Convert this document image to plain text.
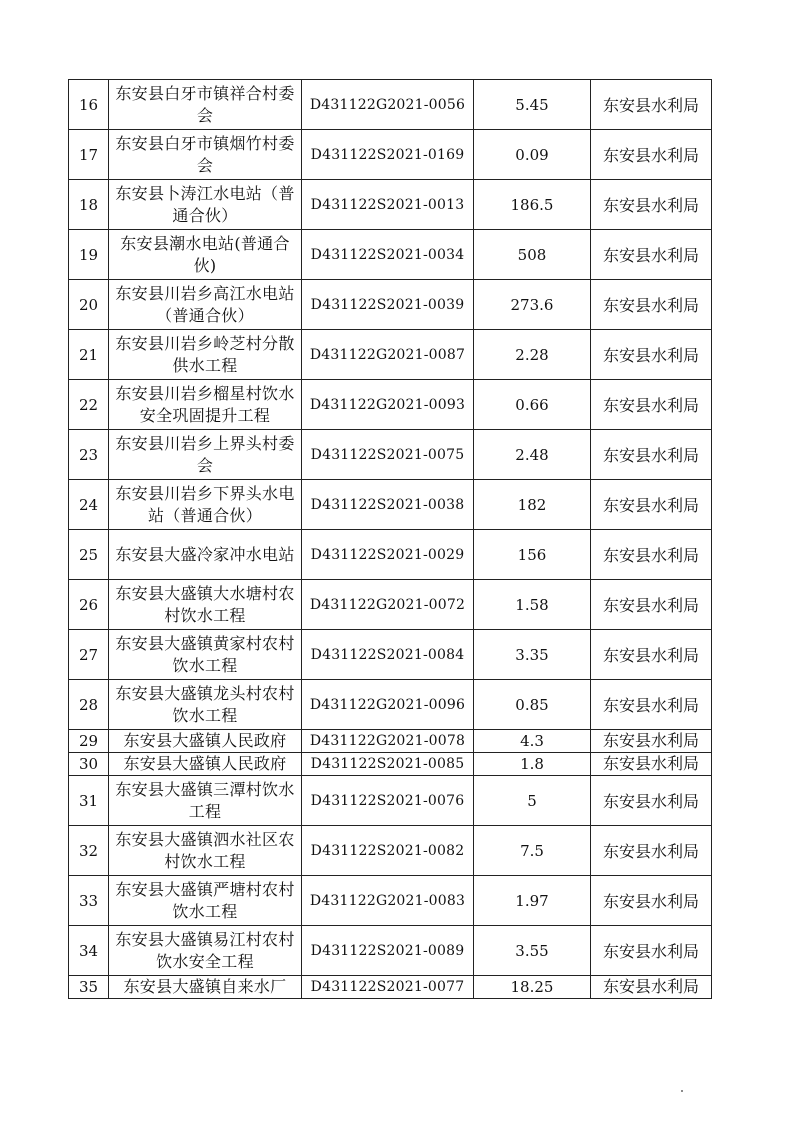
16	东安县白牙市镇祥合村委会	D431122G2021-0056	5.45	东安县水利局
17	东安县白牙市镇烟竹村委会	D431122S2021-0169	0.09	东安县水利局
18	东安县卜涛江水电站（普通合伙）	D431122S2021-0013	186.5	东安县水利局
19	东安县潮水电站(普通合伙)	D431122S2021-0034	508	东安县水利局
20	东安县川岩乡高江水电站（普通合伙）	D431122S2021-0039	273.6	东安县水利局
21	东安县川岩乡岭芝村分散供水工程	D431122G2021-0087	2.28	东安县水利局
22	东安县川岩乡榴星村饮水安全巩固提升工程	D431122G2021-0093	0.66	东安县水利局
23	东安县川岩乡上界头村委会	D431122S2021-0075	2.48	东安县水利局
24	东安县川岩乡下界头水电站（普通合伙）	D431122S2021-0038	182	东安县水利局
25	东安县大盛冷家冲水电站	D431122S2021-0029	156	东安县水利局
26	东安县大盛镇大水塘村农村饮水工程	D431122G2021-0072	1.58	东安县水利局
27	东安县大盛镇黄家村农村饮水工程	D431122S2021-0084	3.35	东安县水利局
28	东安县大盛镇龙头村农村饮水工程	D431122G2021-0096	0.85	东安县水利局
29	东安县大盛镇人民政府	D431122G2021-0078	4.3	东安县水利局
30	东安县大盛镇人民政府	D431122S2021-0085	1.8	东安县水利局
31	东安县大盛镇三潭村饮水工程	D431122S2021-0076	5	东安县水利局
32	东安县大盛镇泗水社区农村饮水工程	D431122S2021-0082	7.5	东安县水利局
33	东安县大盛镇严塘村农村饮水工程	D431122G2021-0083	1.97	东安县水利局
34	东安县大盛镇易江村农村饮水安全工程	D431122S2021-0089	3.55	东安县水利局
35	东安县大盛镇自来水厂	D431122S2021-0077	18.25	东安县水利局
